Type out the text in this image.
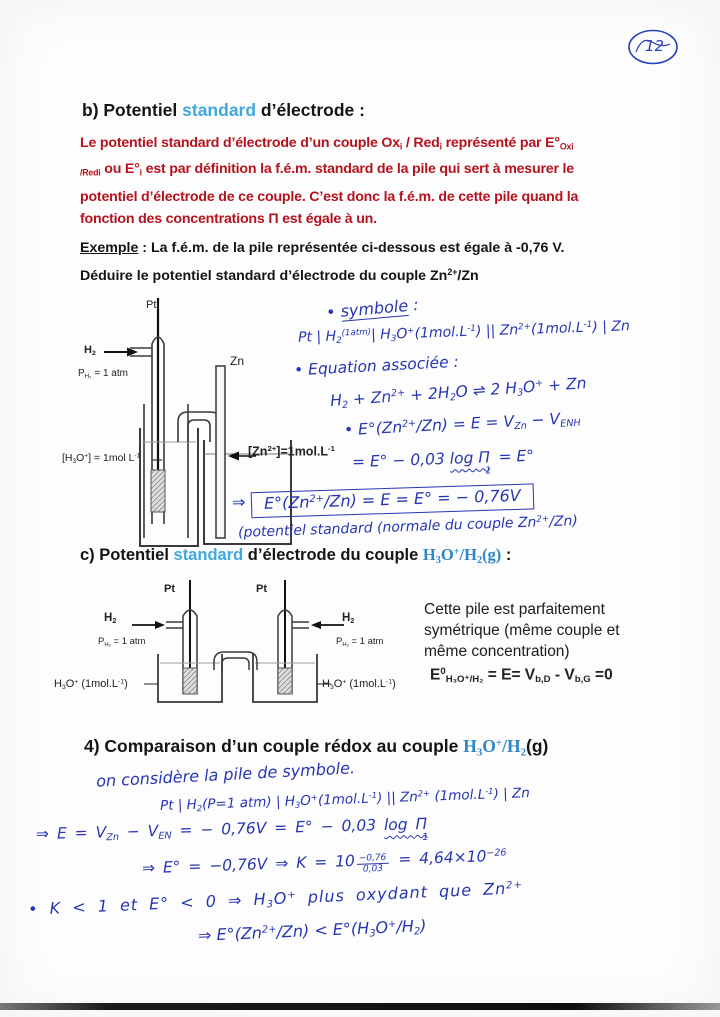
12
b) Potentiel standard d’électrode :
Le potentiel standard d’électrode d’un couple Oxi / Redi représenté par E°Oxi
/Redi ou E°i est par définition la f.é.m. standard de la pile qui sert à mesurer le
potentiel d’électrode de ce couple. C’est donc la f.é.m. de cette pile quand la
fonction des concentrations Π est égale à un.
Exemple : La f.é.m. de la pile représentée ci-dessous est égale à -0,76 V.
Déduire le potentiel standard d’électrode du couple $Zn^{2+}/Zn$
Pt
H2
PH₂ = 1 atm
[H3O+] = 1mol $L^{-1}$
Zn
$[Zn^{2+}]=1mol.L^{-1}$
• symbole :
Pt | $H2^{(1atm)}|$ $H3O^+(1mol.L^{-1})$ || $Zn^{2+}(1mol.L^{-1})$ | Zn
• Equation associée :
$H2 + Zn^{2+} + 2H2O$ ⇌ 2 H3O+ + Zn
• $E^\circ(Zn^{2+}/Zn) = E$ = VZn − VENH
= E° − 0,03 $\log \Pi_1 = E^\circ$
⇒ $E^\circ(Zn^{2+}/Zn) = E = E^\circ$ = − 0,76V
(potentiel standard (normale du couple $Zn^{2+}/Zn$)
c) Potentiel standard d’électrode du couple H3O+/H2(g) :
Pt	Pt
H2	H2
PH₂ = 1 atm	PH₂ = 1 atm
H3O+ $(1mol.L^{-1})$	H3O+ $(1mol.L^{-1})$
Cette pile est parfaitement
symétrique (même couple et
même concentration)
$E^0H_3O^+/H_2 = E= Vb,D - Vb,G =0$
4) Comparaison d’un couple rédox au couple H3O+/H2(g)
on considère la pile de symbole.
Pt | H2(P=1 atm) | $H3O^+(1mol.L^{-1})$ || $Zn^{2+}$ $(1mol.L^{-1})$ | Zn
⇒ E = VZn − VEN = − 0,76V = E° − 0,03 $\log \Pi_1$
⇒ E° = −0,76V ⇒ $K = 10 \frac{-0,76}{0,03} = 4,64\times 10^{-26}$
• K < 1 et E° < 0 ⇒ H3O+ plus oxydant que $Zn^{2+}$
⇒ $E^\circ(Zn^{2+}/Zn) < E^\circ(H3O^+/H2)$
